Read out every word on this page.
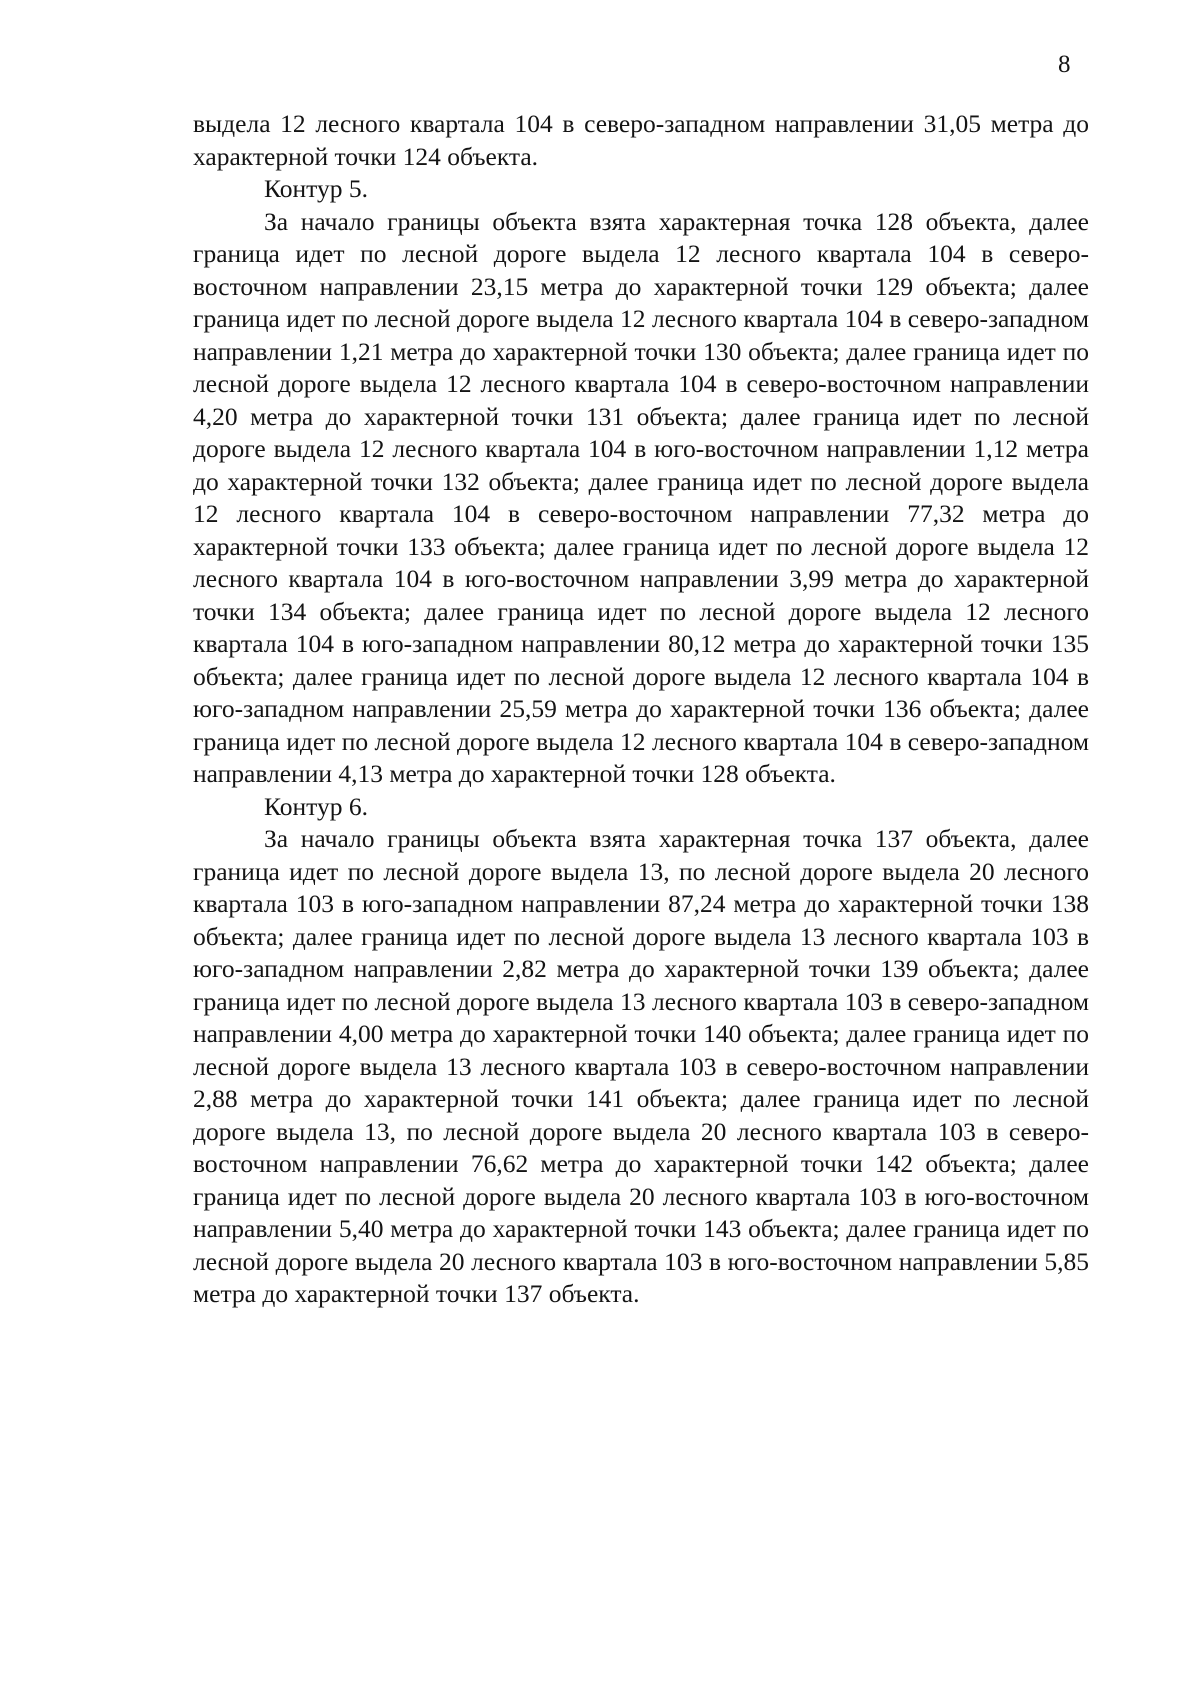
8

выдела 12 лесного квартала 104 в северо-западном направлении 31,05 метра до характерной точки 124 объекта.

Контур 5.

За начало границы объекта взята характерная точка 128 объекта, далее граница идет по лесной дороге выдела 12 лесного квартала 104 в северо-восточном направлении 23,15 метра до характерной точки 129 объекта; далее граница идет по лесной дороге выдела 12 лесного квартала 104 в северо-западном направлении 1,21 метра до характерной точки 130 объекта; далее граница идет по лесной дороге выдела 12 лесного квартала 104 в северо-восточном направлении 4,20 метра до характерной точки 131 объекта; далее граница идет по лесной дороге выдела 12 лесного квартала 104 в юго-восточном направлении 1,12 метра до характерной точки 132 объекта; далее граница идет по лесной дороге выдела 12 лесного квартала 104 в северо-восточном направлении 77,32 метра до характерной точки 133 объекта; далее граница идет по лесной дороге выдела 12 лесного квартала 104 в юго-восточном направлении 3,99 метра до характерной точки 134 объекта; далее граница идет по лесной дороге выдела 12 лесного квартала 104 в юго-западном направлении 80,12 метра до характерной точки 135 объекта; далее граница идет по лесной дороге выдела 12 лесного квартала 104 в юго-западном направлении 25,59 метра до характерной точки 136 объекта; далее граница идет по лесной дороге выдела 12 лесного квартала 104 в северо-западном направлении 4,13 метра до характерной точки 128 объекта.

Контур 6.

За начало границы объекта взята характерная точка 137 объекта, далее граница идет по лесной дороге выдела 13, по лесной дороге выдела 20 лесного квартала 103 в юго-западном направлении 87,24 метра до характерной точки 138 объекта; далее граница идет по лесной дороге выдела 13 лесного квартала 103 в юго-западном направлении 2,82 метра до характерной точки 139 объекта; далее граница идет по лесной дороге выдела 13 лесного квартала 103 в северо-западном направлении 4,00 метра до характерной точки 140 объекта; далее граница идет по лесной дороге выдела 13 лесного квартала 103 в северо-восточном направлении 2,88 метра до характерной точки 141 объекта; далее граница идет по лесной дороге выдела 13, по лесной дороге выдела 20 лесного квартала 103 в северо-восточном направлении 76,62 метра до характерной точки 142 объекта; далее граница идет по лесной дороге выдела 20 лесного квартала 103 в юго-восточном направлении 5,40 метра до характерной точки 143 объекта; далее граница идет по лесной дороге выдела 20 лесного квартала 103 в юго-восточном направлении 5,85 метра до характерной точки 137 объекта.
